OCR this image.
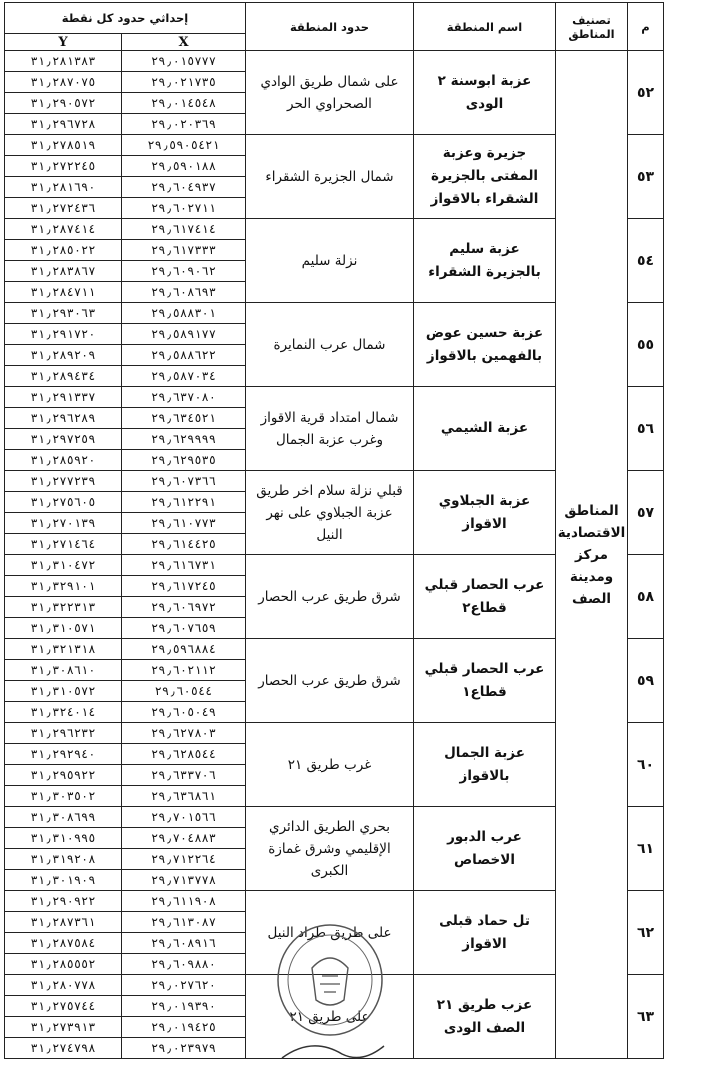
إحداثي حدود كل نقطة		حدود المنطقة	اسم المنطقة	تصنيف المناطق	م
Y	X				
٣١٫٢٨١٣٨٣	٢٩٫٠١٥٧٧٧	على شمال طريق الوادي الصحراوي الحر	عزبة ابوسنة ٢ الودى	المناطق الاقتصادية مركز ومدينة الصف	٥٢
٣١٫٢٨٧٠٧٥	٢٩٫٠٢١٧٣٥				
٣١٫٢٩٠٥٧٢	٢٩٫٠١٤٥٤٨				
٣١٫٢٩٦٧٢٨	٢٩٫٠٢٠٣٦٩				
٣١٫٢٧٨٥١٩	٢٩٫٥٩٠٥٤٢١	شمال الجزيرة الشقراء	جزيرة وعزبة المفتى بالجزيرة الشقراء بالاقواز		٥٣
٣١٫٢٧٢٢٤٥	٢٩٫٥٩٠١٨٨				
٣١٫٢٨١٦٩٠	٢٩٫٦٠٤٩٣٧				
٣١٫٢٧٢٤٣٦	٢٩٫٦٠٢٧١١				
٣١٫٢٨٧٤١٤	٢٩٫٦١٧٤١٤	نزلة سليم	عزبة سليم بالجزيرة الشقراء		٥٤
٣١٫٢٨٥٠٢٢	٢٩٫٦١٧٣٣٣				
٣١٫٢٨٣٨٦٧	٢٩٫٦٠٩٠٦٢				
٣١٫٢٨٤٧١١	٢٩٫٦٠٨٦٩٣				
٣١٫٢٩٣٠٦٣	٢٩٫٥٨٨٣٠١	شمال عرب النمايرة	عزبة حسين عوض بالفهمين بالاقواز		٥٥
٣١٫٢٩١٧٢٠	٢٩٫٥٨٩١٧٧				
٣١٫٢٨٩٢٠٩	٢٩٫٥٨٨٦٢٢				
٣١٫٢٨٩٤٣٤	٢٩٫٥٨٧٠٣٤				
٣١٫٢٩١٣٣٧	٢٩٫٦٣٧٠٨٠	شمال امتداد قرية الاقواز وغرب عزبة الجمال	عزبة الشيمي		٥٦
٣١٫٢٩٦٢٨٩	٢٩٫٦٣٤٥٢١				
٣١٫٢٩٧٢٥٩	٢٩٫٦٢٩٩٩٩				
٣١٫٢٨٥٩٢٠	٢٩٫٦٢٩٥٣٥				
٣١٫٢٧٧٢٣٩	٢٩٫٦٠٧٣٦٦	قبلي نزلة سلام اخر طريق عزبة الجبلاوي على نهر النيل	عزبة الجبلاوي الاقواز		٥٧
٣١٫٢٧٥٦٠٥	٢٩٫٦١٢٢٩١				
٣١٫٢٧٠١٣٩	٢٩٫٦١٠٧٧٣				
٣١٫٢٧١٤٦٤	٢٩٫٦١٤٤٢٥				
٣١٫٣١٠٤٧٢	٢٩٫٦١٦٧٣١	شرق طريق عرب الحصار	عرب الحصار قبلي قطاع٢		٥٨
٣١٫٣٢٩١٠١	٢٩٫٦١٧٢٤٥				
٣١٫٣٢٢٣١٣	٢٩٫٦٠٦٩٧٢				
٣١٫٣١٠٥٧١	٢٩٫٦٠٧٦٥٩				
٣١٫٣٢١٣١٨	٢٩٫٥٩٦٨٨٤	شرق طريق عرب الحصار	عرب الحصار قبلي قطاع١		٥٩
٣١٫٣٠٨٦١٠	٢٩٫٦٠٢١١٢				
٣١٫٣١٠٥٧٢	٢٩٫٦٠٥٤٤				
٣١٫٣٢٤٠١٤	٢٩٫٦٠٥٠٤٩				
٣١٫٢٩٦٢٣٢	٢٩٫٦٢٧٨٠٣	غرب طريق ٢١	عزبة الجمال بالاقواز		٦٠
٣١٫٢٩٢٩٤٠	٢٩٫٦٢٨٥٤٤				
٣١٫٢٩٥٩٢٢	٢٩٫٦٣٣٧٠٦				
٣١٫٣٠٣٥٠٢	٢٩٫٦٣٦٨٦١				
٣١٫٣٠٨٦٩٩	٢٩٫٧٠١٥٦٦	بحري الطريق الدائري الإقليمي وشرق غمازة الكبرى	عرب الدبور الاخصاص		٦١
٣١٫٣١٠٩٩٥	٢٩٫٧٠٤٨٨٣				
٣١٫٣١٩٢٠٨	٢٩٫٧١٢٢٦٤				
٣١٫٣٠١٩٠٩	٢٩٫٧١٣٧٧٨				
٣١٫٢٩٠٩٢٢	٢٩٫٦١١٩٠٨	على طريق طراد النيل	تل حماد قبلى الاقواز		٦٢
٣١٫٢٨٧٣٦١	٢٩٫٦١٣٠٨٧				
٣١٫٢٨٧٥٨٤	٢٩٫٦٠٨٩١٦				
٣١٫٢٨٥٥٥٢	٢٩٫٦٠٩٨٨٠				
٣١٫٢٨٠٧٧٨	٢٩٫٠٢٧٦٢٠	على طريق ٢١	عزب طريق ٢١ الصف الودى		٦٣
٣١٫٢٧٥٧٤٤	٢٩٫٠١٩٣٩٠				
٣١٫٢٧٣٩١٣	٢٩٫٠١٩٤٢٥				
٣١٫٢٧٤٧٩٨	٢٩٫٠٢٣٩٧٩				
